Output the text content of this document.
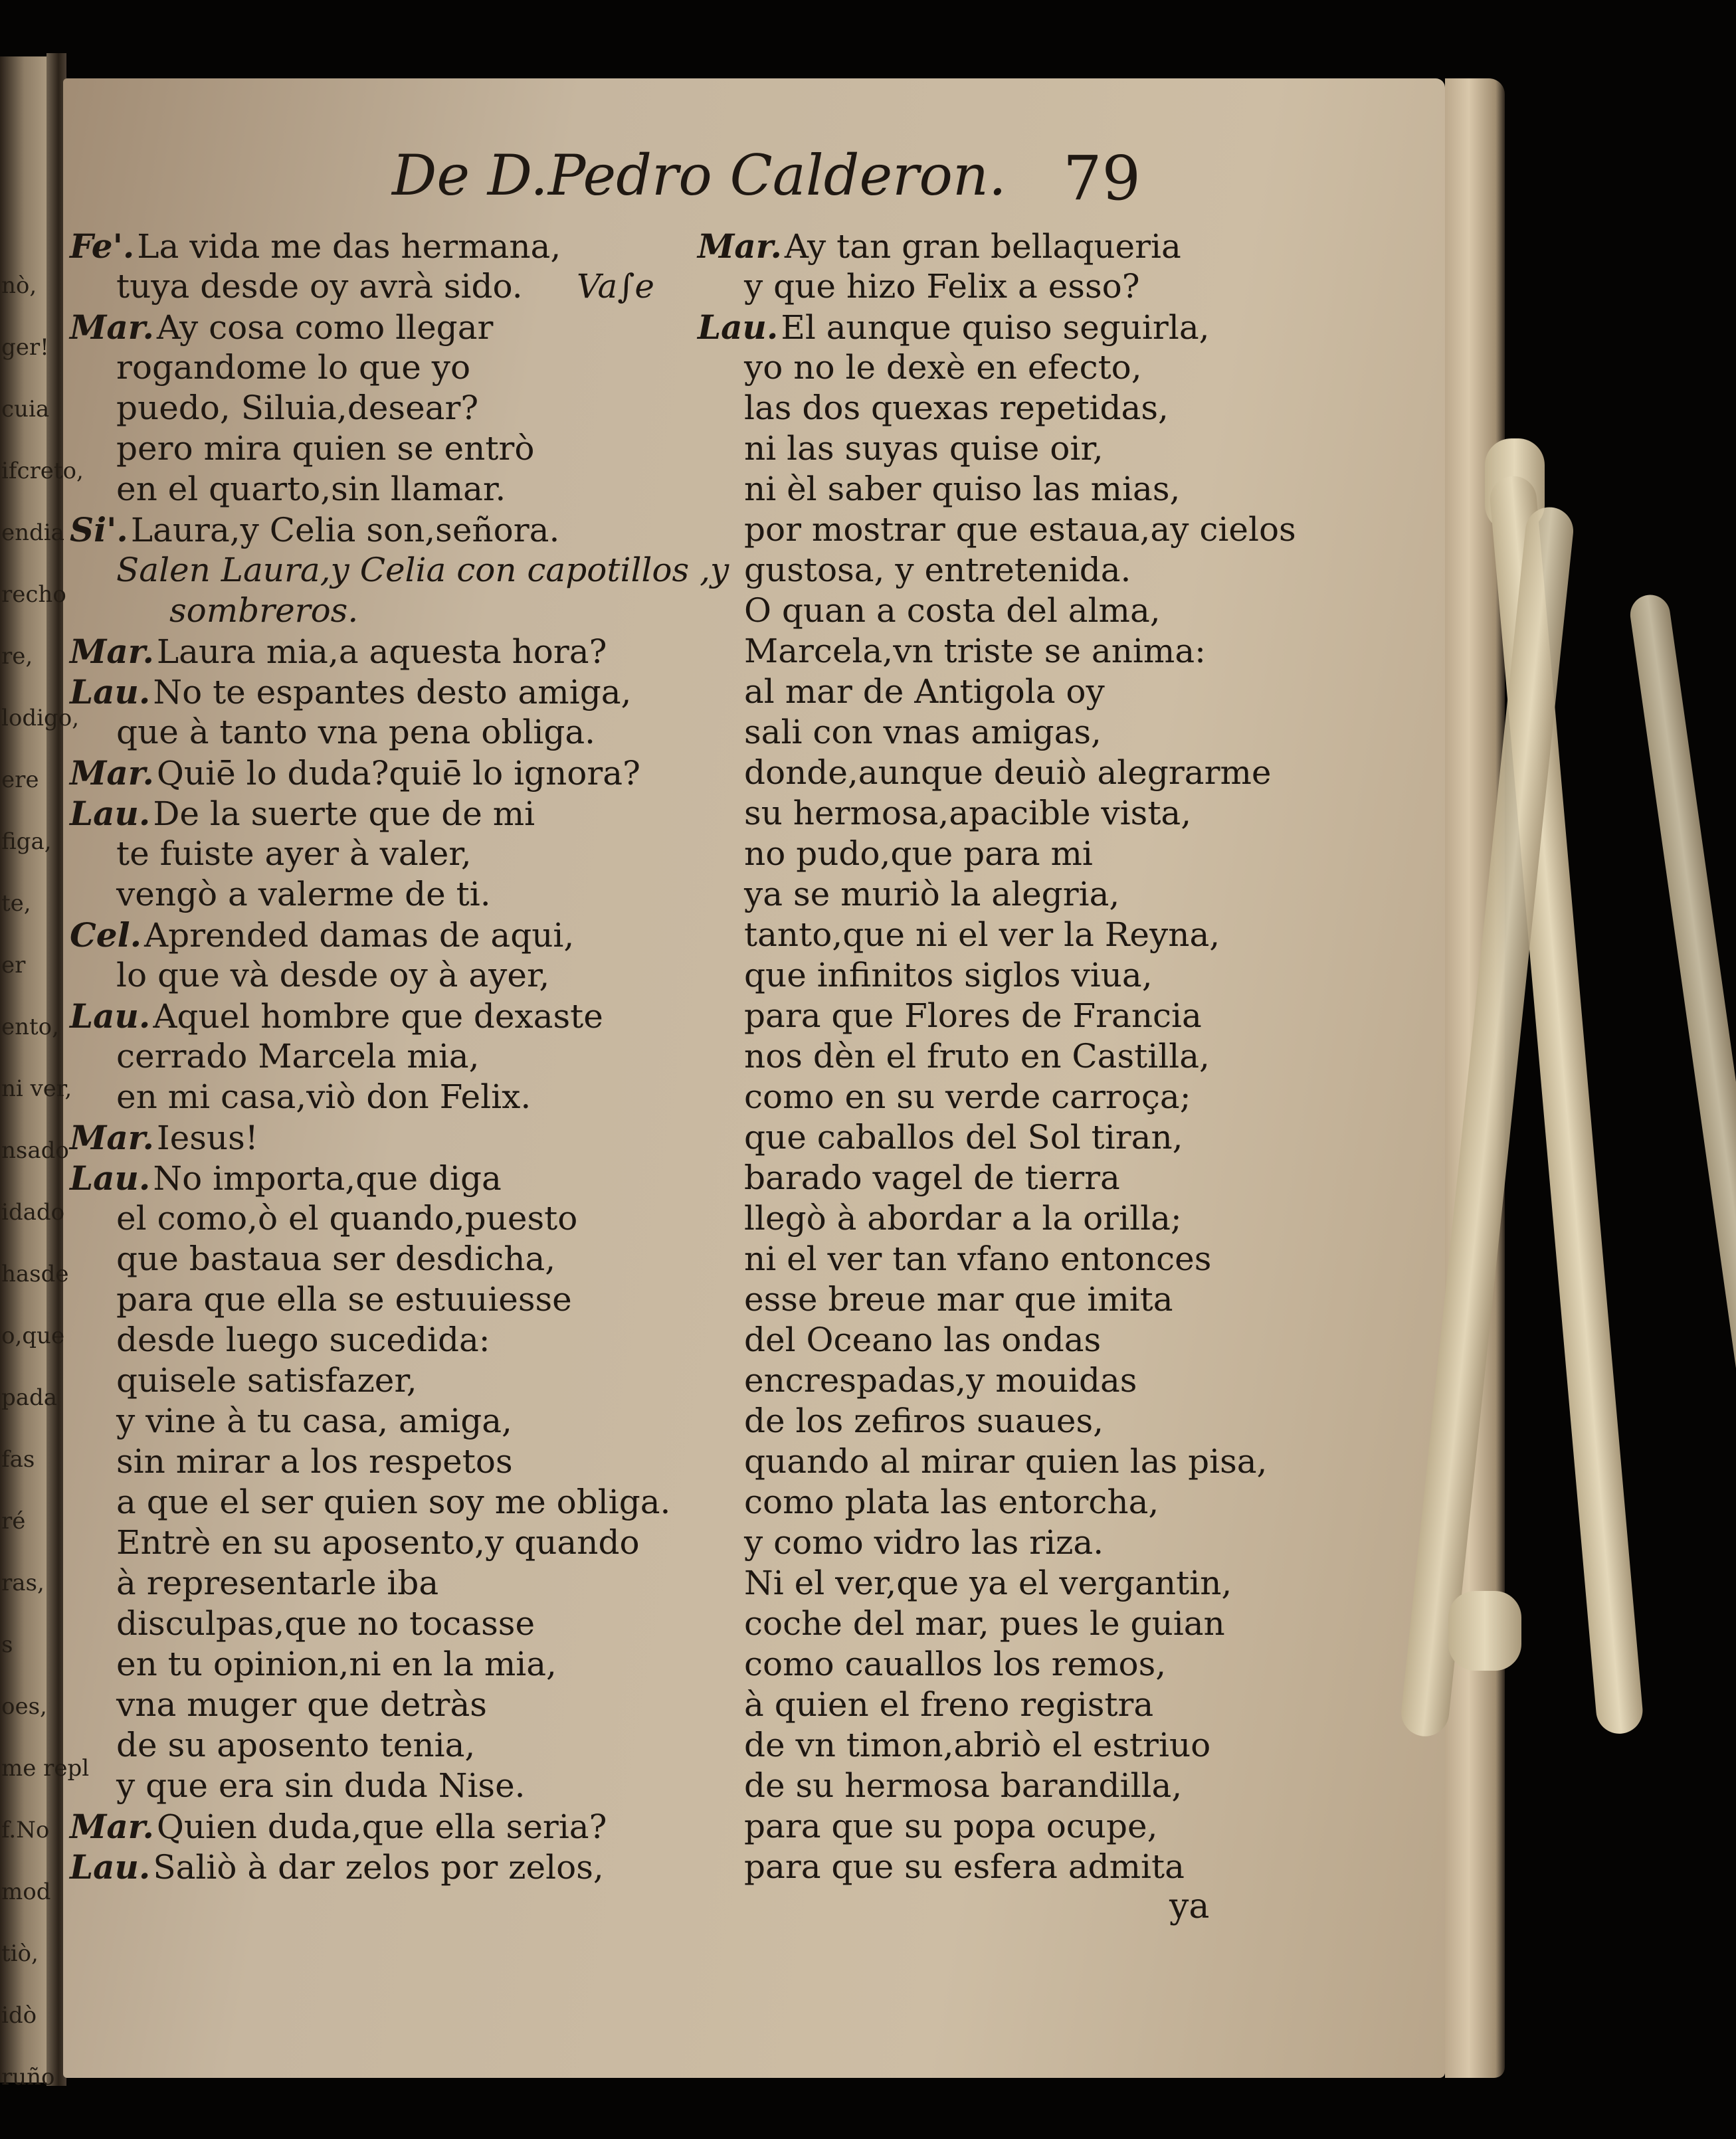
nò,
ger!
cuia
ifcreto,
endia
recho
re,
lodigo,
ere
figa,
te,
er
ento,
ni ver,
nsado
idado
hasde
o,que
pada
fas
ré
ras,
s
oes,
me repl
f.No
mod
tiò,
idò
ruño
De D.Pedro Calderon. 79
Fe'.La vida me das hermana,
Va∫e
tuya desde oy avrà sido.
Mar.Ay cosa como llegar
rogandome lo que yo
puedo, Siluia,desear?
pero mira quien se entrò
en el quarto,sin llamar.
Si'.Laura,y Celia son,señora.
Salen Laura,y Celia con capotillos ,y
sombreros.
Mar.Laura mia,a aquesta hora?
Lau.No te espantes desto amiga,
que à tanto vna pena obliga.
Mar.Quiē lo duda?quiē lo ignora?
Lau.De la suerte que de mi
te fuiste ayer à valer,
vengò a valerme de ti.
Cel.Aprended damas de aqui,
lo que và desde oy à ayer,
Lau.Aquel hombre que dexaste
cerrado Marcela mia,
en mi casa,viò don Felix.
Mar.Iesus!
Lau.No importa,que diga
el como,ò el quando,puesto
que bastaua ser desdicha,
para que ella se estuuiesse
desde luego sucedida:
quisele satisfazer,
y vine à tu casa, amiga,
sin mirar a los respetos
a que el ser quien soy me obliga.
Entrè en su aposento,y quando
à representarle iba
disculpas,que no tocasse
en tu opinion,ni en la mia,
vna muger que detràs
de su aposento tenia,
y que era sin duda Nise.
Mar.Quien duda,que ella seria?
Lau.Saliò à dar zelos por zelos,
Mar.Ay tan gran bellaqueria
y que hizo Felix a esso?
Lau.El aunque quiso seguirla,
yo no le dexè en efecto,
las dos quexas repetidas,
ni las suyas quise oir,
ni èl saber quiso las mias,
por mostrar que estaua,ay cielos
gustosa, y entretenida.
O quan a costa del alma,
Marcela,vn triste se anima:
al mar de Antigola oy
sali con vnas amigas,
donde,aunque deuiò alegrarme
su hermosa,apacible vista,
no pudo,que para mi
ya se muriò la alegria,
tanto,que ni el ver la Reyna,
que infinitos siglos viua,
para que Flores de Francia
nos dèn el fruto en Castilla,
como en su verde carroça;
que caballos del Sol tiran,
barado vagel de tierra
llegò à abordar a la orilla;
ni el ver tan vfano entonces
esse breue mar que imita
del Oceano las ondas
encrespadas,y mouidas
de los zefiros suaues,
quando al mirar quien las pisa,
como plata las entorcha,
y como vidro las riza.
Ni el ver,que ya el vergantin,
coche del mar, pues le guian
como cauallos los remos,
à quien el freno registra
de vn timon,abriò el estriuo
de su hermosa barandilla,
para que su popa ocupe,
para que su esfera admita
ya
